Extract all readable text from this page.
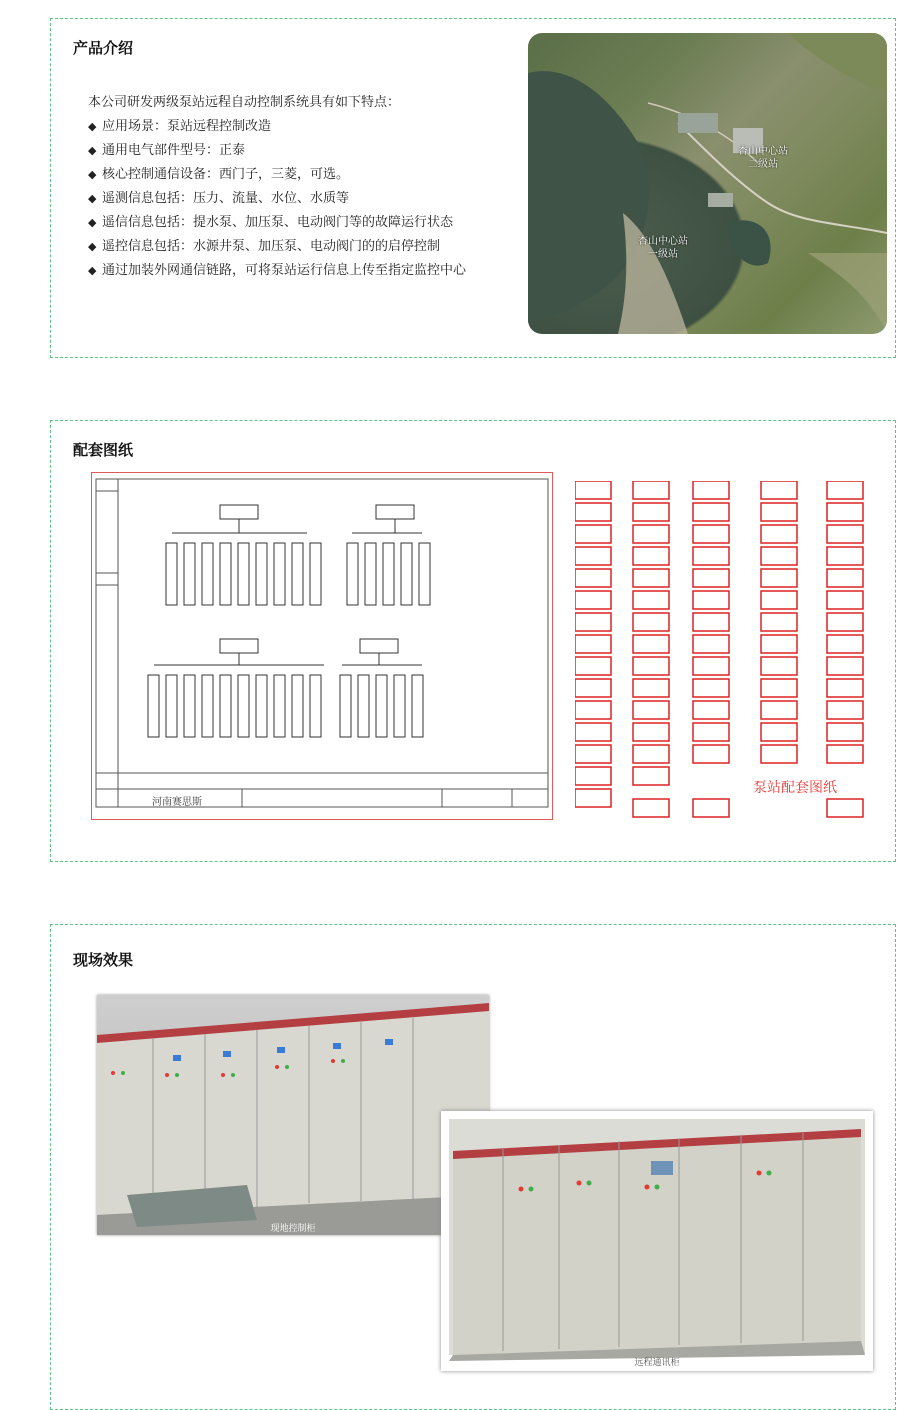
产品介绍
本公司研发两级泵站远程自动控制系统具有如下特点：
◆ 应用场景：泵站远程控制改造
◆ 通用电气部件型号：正泰
◆ 核心控制通信设备：西门子，三菱，可选。
◆ 遥测信息包括：压力、流量、水位、水质等
◆ 遥信信息包括：提水泵、加压泵、电动阀门等的故障运行状态
◆ 遥控信息包括：水源井泵、加压泵、电动阀门的的启停控制
◆ 通过加装外网通信链路，可将泵站运行信息上传至指定监控中心
杏山中心站
二级站
杏山中心站
一级站
配套图纸
河南赛思斯
泵站配套图纸
现场效果
现地控制柜
远程通讯柜
